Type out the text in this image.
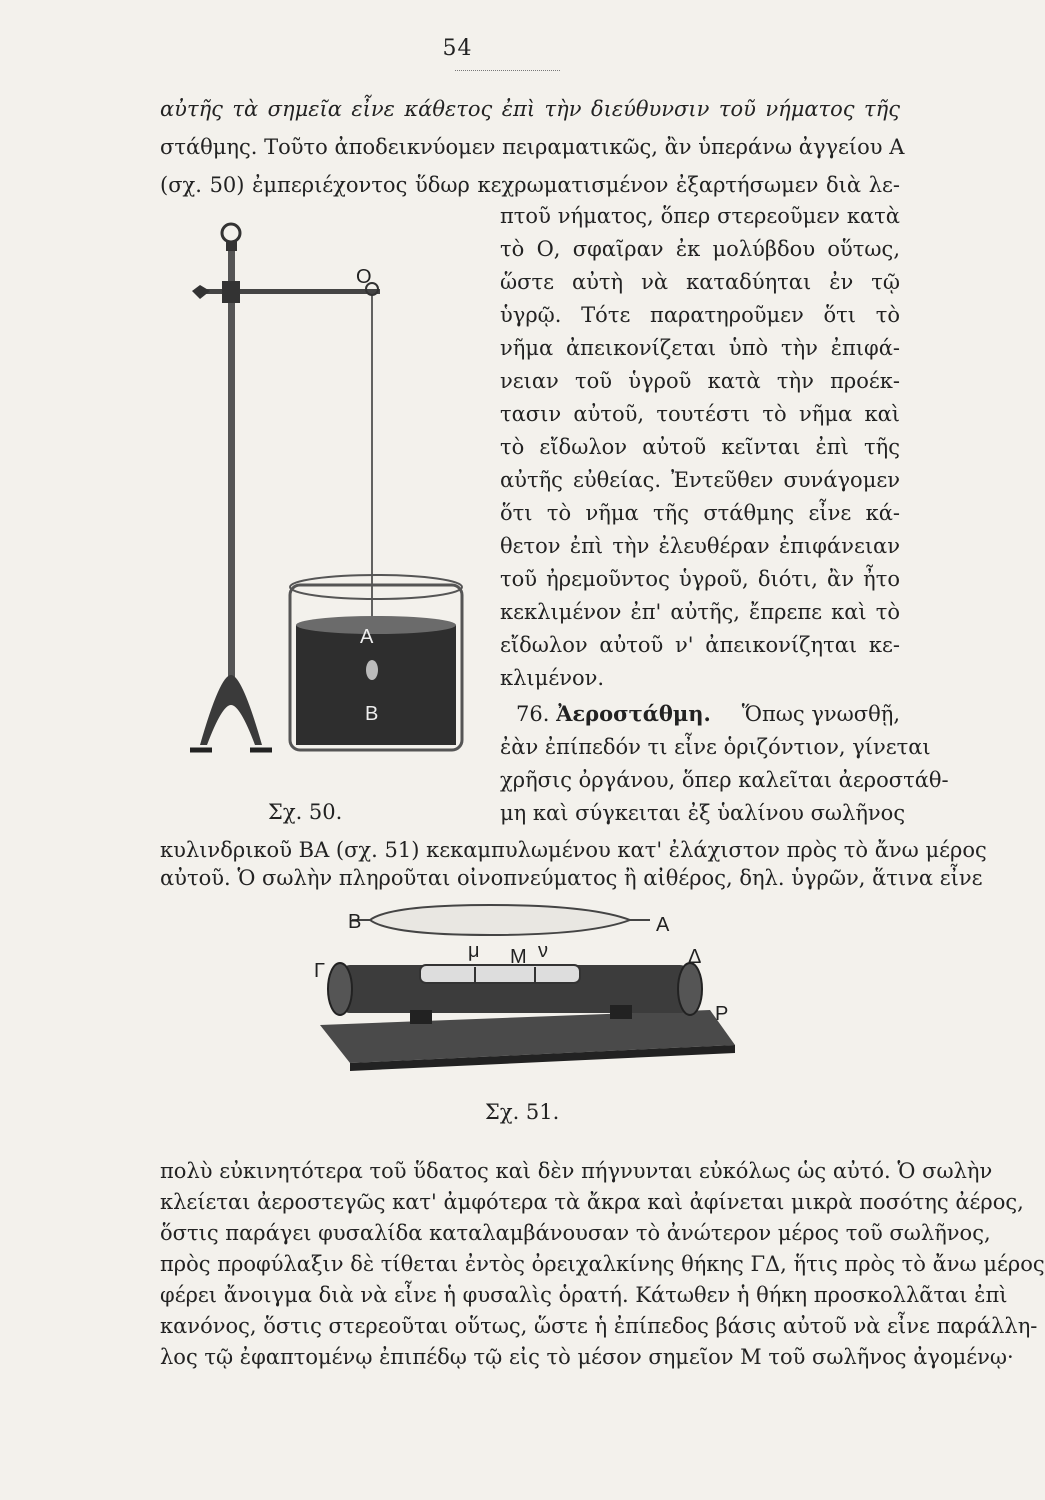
54
αὐτῆς τὰ σημεῖα εἶνε κάθετος ἐπὶ τὴν διεύθυνσιν τοῦ νήματος τῆς
στάθμης. Τοῦτο ἀποδεικνύομεν πειραματικῶς, ἂν ὑπεράνω ἀγγείου Α
(σχ. 50) ἐμπεριέχοντος ὕδωρ κεχρωματισμένον ἐξαρτήσωμεν διὰ λε-
πτοῦ νήματος, ὅπερ στερεοῦμεν κατὰ
τὸ Ο, σφαῖραν ἐκ μολύβδου οὕτως,
ὥστε αὐτὴ νὰ καταδύηται ἐν τῷ
ὑγρῷ. Τότε παρατηροῦμεν ὅτι τὸ
νῆμα ἀπεικονίζεται ὑπὸ τὴν ἐπιφά-
νειαν τοῦ ὑγροῦ κατὰ τὴν προέκ-
τασιν αὐτοῦ, τουτέστι τὸ νῆμα καὶ
τὸ εἴδωλον αὐτοῦ κεῖνται ἐπὶ τῆς
αὐτῆς εὐθείας. Ἐντεῦθεν συνάγομεν
ὅτι τὸ νῆμα τῆς στάθμης εἶνε κά-
θετον ἐπὶ τὴν ἐλευθέραν ἐπιφάνειαν
τοῦ ἠρεμοῦντος ὑγροῦ, διότι, ἂν ἦτο
κεκλιμένον ἐπ' αὐτῆς, ἔπρεπε καὶ τὸ
εἴδωλον αὐτοῦ ν' ἀπεικονίζηται κε-
κλιμένον.
76. Ἀεροστάθμη. Ὅπως γνωσθῇ,
ἐὰν ἐπίπεδόν τι εἶνε ὁριζόντιον, γίνεται
χρῆσις ὀργάνου, ὅπερ καλεῖται ἀεροστάθ-
μη καὶ σύγκειται ἐξ ὑαλίνου σωλῆνος
O
A
B
Σχ. 50.
κυλινδρικοῦ ΒΑ (σχ. 51) κεκαμπυλωμένου κατ' ἐλάχιστον πρὸς τὸ ἄνω μέρος
αὐτοῦ. Ὁ σωλὴν πληροῦται οἰνοπνεύματος ἢ αἰθέρος, δηλ. ὑγρῶν, ἅτινα εἶνε
Β	Α
μ Μ ν
Γ
Δ
Ρ
Σχ. 51.
πολὺ εὐκινητότερα τοῦ ὕδατος καὶ δὲν πήγνυνται εὐκόλως ὡς αὐτό. Ὁ σωλὴν
κλείεται ἀεροστεγῶς κατ' ἀμφότερα τὰ ἄκρα καὶ ἀφίνεται μικρὰ ποσότης ἀέρος,
ὅστις παράγει φυσαλίδα καταλαμβάνουσαν τὸ ἀνώτερον μέρος τοῦ σωλῆνος,
πρὸς προφύλαξιν δὲ τίθεται ἐντὸς ὀρειχαλκίνης θήκης ΓΔ, ἥτις πρὸς τὸ ἄνω μέρος
φέρει ἄνοιγμα διὰ νὰ εἶνε ἡ φυσαλὶς ὁρατή. Κάτωθεν ἡ θήκη προσκολλᾶται ἐπὶ
κανόνος, ὅστις στερεοῦται οὕτως, ὥστε ἡ ἐπίπεδος βάσις αὐτοῦ νὰ εἶνε παράλλη-
λος τῷ ἐφαπτομένῳ ἐπιπέδῳ τῷ εἰς τὸ μέσον σημεῖον Μ τοῦ σωλῆνος ἀγομένῳ·
